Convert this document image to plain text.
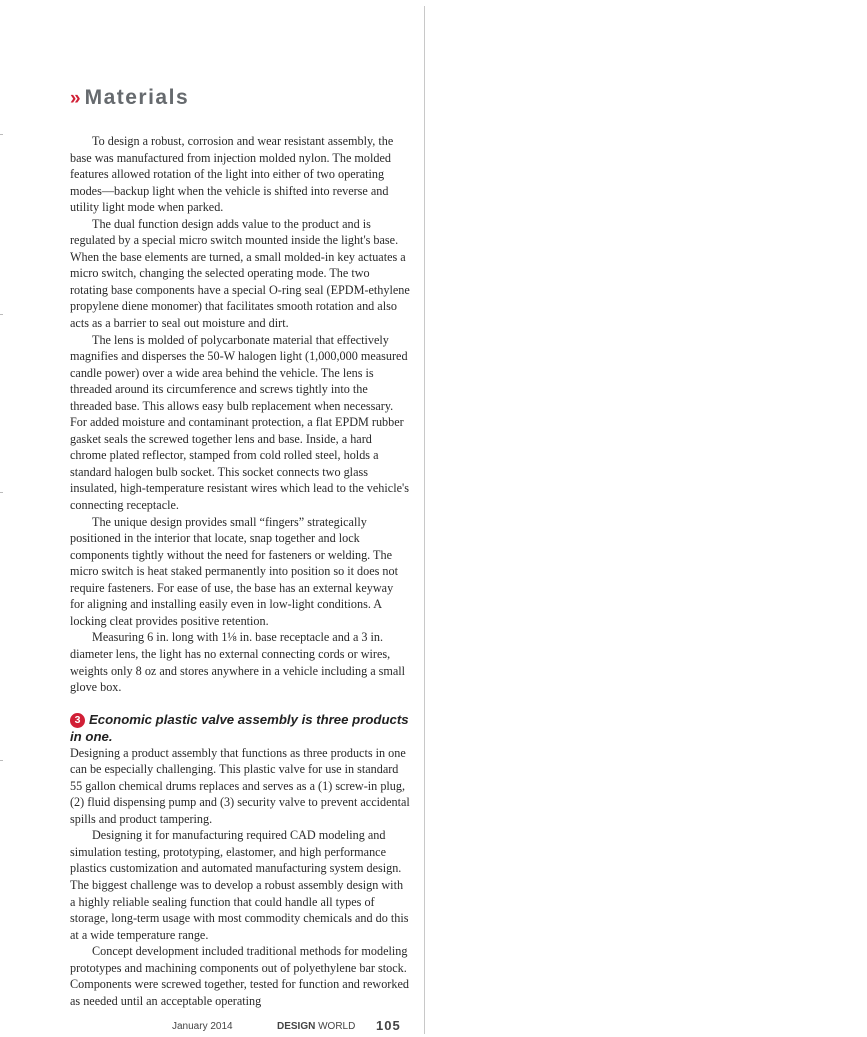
» Materials

To design a robust, corrosion and wear resistant assembly, the base was manufactured from injection molded nylon. The molded features allowed rotation of the light into either of two operating modes—backup light when the vehicle is shifted into reverse and utility light mode when parked.

The dual function design adds value to the product and is regulated by a special micro switch mounted inside the light's base. When the base elements are turned, a small molded-in key actuates a micro switch, changing the selected operating mode. The two rotating base components have a special O-ring seal (EPDM-ethylene propylene diene monomer) that facilitates smooth rotation and also acts as a barrier to seal out moisture and dirt.

The lens is molded of polycarbonate material that effectively magnifies and disperses the 50-W halogen light (1,000,000 measured candle power) over a wide area behind the vehicle. The lens is threaded around its circumference and screws tightly into the threaded base. This allows easy bulb replacement when necessary. For added moisture and contaminant protection, a flat EPDM rubber gasket seals the screwed together lens and base. Inside, a hard chrome plated reflector, stamped from cold rolled steel, holds a standard halogen bulb socket. This socket connects two glass insulated, high-temperature resistant wires which lead to the vehicle's connecting receptacle.

The unique design provides small “fingers” strategically positioned in the interior that locate, snap together and lock components tightly without the need for fasteners or welding. The micro switch is heat staked permanently into position so it does not require fasteners. For ease of use, the base has an external keyway for aligning and installing easily even in low-light conditions. A locking cleat provides positive retention.

Measuring 6 in. long with 1⅛ in. base receptacle and a 3 in. diameter lens, the light has no external connecting cords or wires, weights only 8 oz and stores anywhere in a vehicle including a small glove box.

3 Economic plastic valve assembly is three products in one.

Designing a product assembly that functions as three products in one can be especially challenging. This plastic valve for use in standard 55 gallon chemical drums replaces and serves as a (1) screw-in plug, (2) fluid dispensing pump and (3) security valve to prevent accidental spills and product tampering.

Designing it for manufacturing required CAD modeling and simulation testing, prototyping, elastomer, and high performance plastics customization and automated manufacturing system design. The biggest challenge was to develop a robust assembly design with a highly reliable sealing function that could handle all types of storage, long-term usage with most commodity chemicals and do this at a wide temperature range.

Concept development included traditional methods for modeling prototypes and machining components out of polyethylene bar stock. Components were screwed together, tested for function and reworked as needed until an acceptable operating

January 2014	DESIGN WORLD 105
